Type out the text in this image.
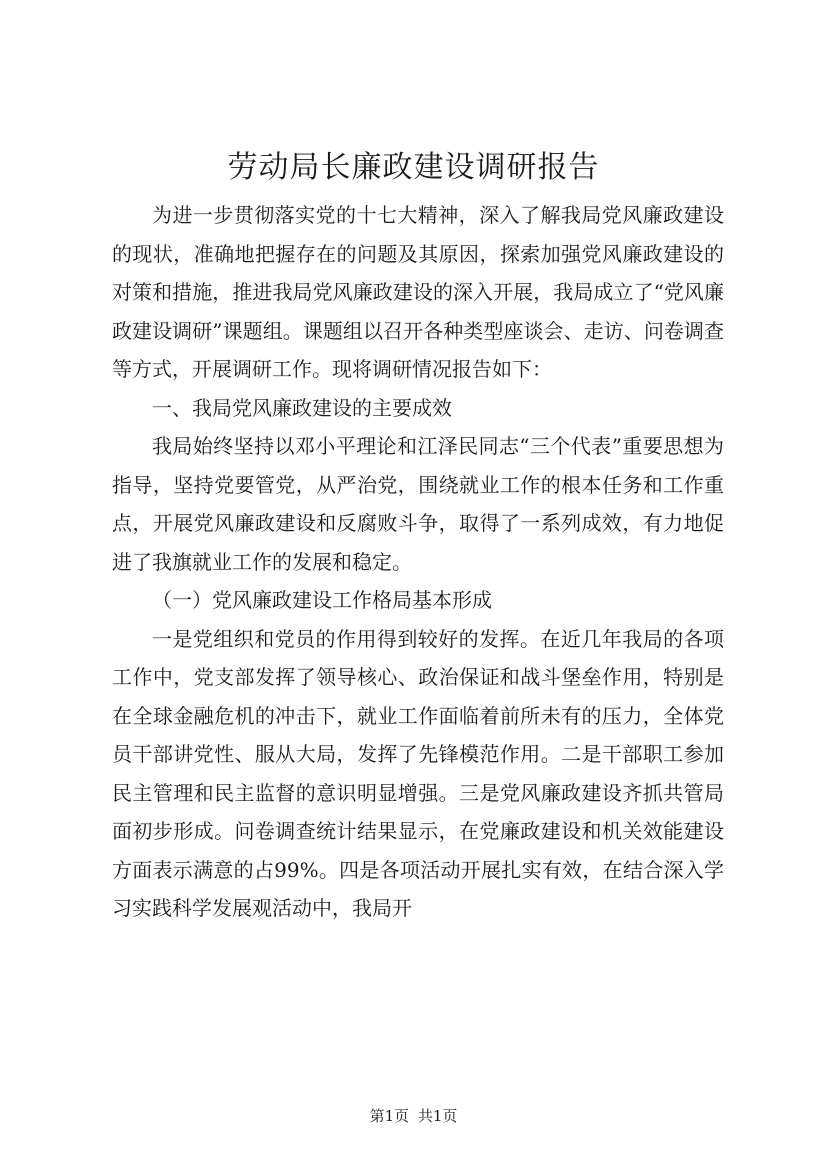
劳动局长廉政建设调研报告

为进一步贯彻落实党的十七大精神，深入了解我局党风廉政建设的现状，准确地把握存在的问题及其原因，探索加强党风廉政建设的对策和措施，推进我局党风廉政建设的深入开展，我局成立了“党风廉政建设调研”课题组。课题组以召开各种类型座谈会、走访、问卷调查等方式，开展调研工作。现将调研情况报告如下：

一、我局党风廉政建设的主要成效

我局始终坚持以邓小平理论和江泽民同志“三个代表”重要思想为指导，坚持党要管党，从严治党，围绕就业工作的根本任务和工作重点，开展党风廉政建设和反腐败斗争，取得了一系列成效，有力地促进了我旗就业工作的发展和稳定。

（一）党风廉政建设工作格局基本形成

一是党组织和党员的作用得到较好的发挥。在近几年我局的各项工作中，党支部发挥了领导核心、政治保证和战斗堡垒作用，特别是在全球金融危机的冲击下，就业工作面临着前所未有的压力，全体党员干部讲党性、服从大局，发挥了先锋模范作用。二是干部职工参加民主管理和民主监督的意识明显增强。三是党风廉政建设齐抓共管局面初步形成。问卷调查统计结果显示，在党廉政建设和机关效能建设方面表示满意的占99%。四是各项活动开展扎实有效，在结合深入学习实践科学发展观活动中，我局开

第1页 共1页
